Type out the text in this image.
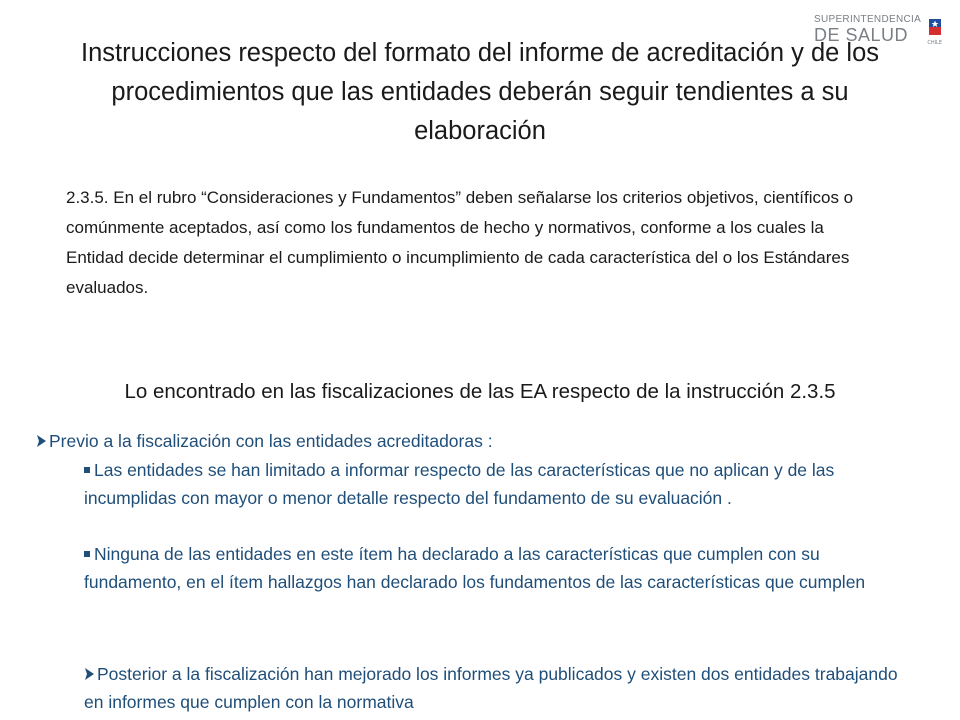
SUPERINTENDENCIA
DE SALUD	CHILE
Instrucciones respecto del formato del informe de acreditación y de los procedimientos que las entidades deberán seguir tendientes a su elaboración
2.3.5. En el rubro “Consideraciones y Fundamentos” deben señalarse los criterios objetivos, científicos o comúnmente aceptados, así como los fundamentos de hecho y normativos, conforme a los cuales la Entidad decide determinar el cumplimiento o incumplimiento de cada característica del o los Estándares evaluados.
Lo encontrado en las fiscalizaciones de las EA respecto de la instrucción 2.3.5
Previo a la fiscalización con las entidades acreditadoras :
Las entidades se han limitado a informar respecto de las características que no aplican y de las incumplidas con mayor o menor detalle respecto del fundamento de su evaluación .
Ninguna de las entidades en este ítem ha declarado a las características que cumplen con su fundamento, en el ítem hallazgos han declarado los fundamentos de las características que cumplen
Posterior a la fiscalización han mejorado los informes ya publicados y existen dos entidades trabajando en informes que cumplen con la normativa
